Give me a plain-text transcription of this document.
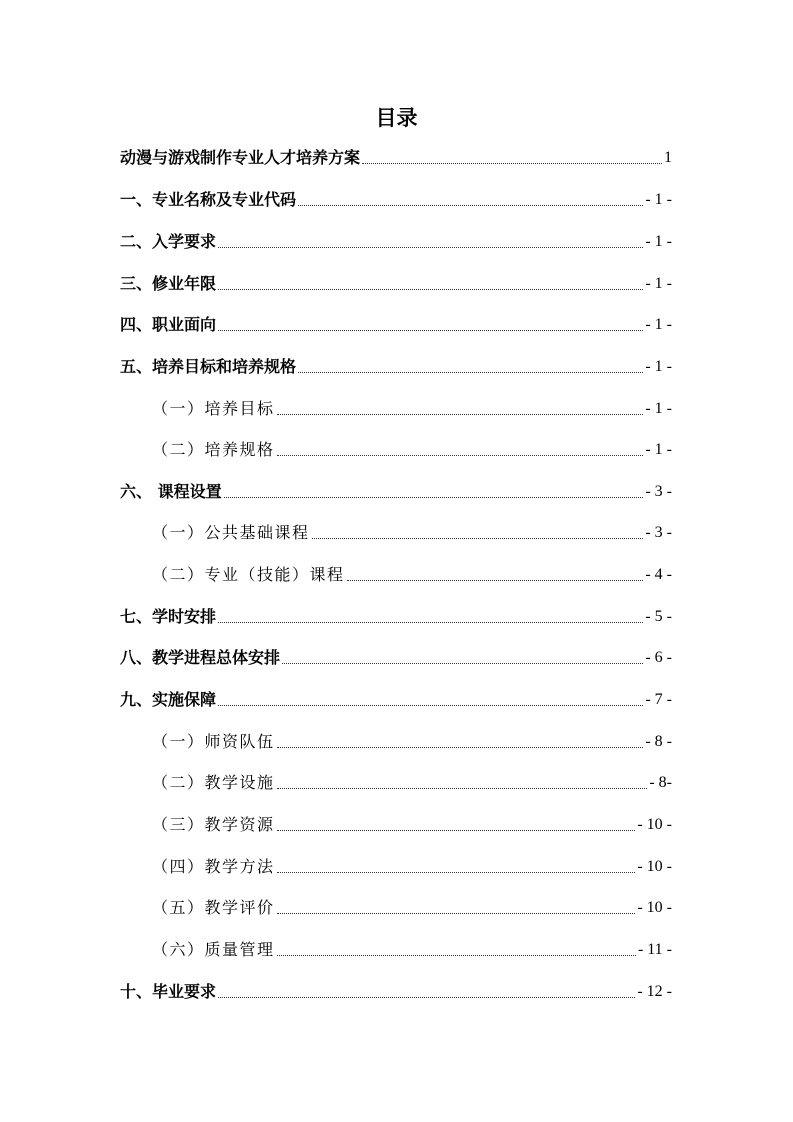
目录
动漫与游戏制作专业人才培养方案	1
一、专业名称及专业代码	- 1 -
二、入学要求	- 1 -
三、修业年限	- 1 -
四、职业面向	- 1 -
五、培养目标和培养规格	- 1 -
（一）培养目标	- 1 -
（二）培养规格	- 1 -
六、 课程设置	- 3 -
（一）公共基础课程	- 3 -
（二）专业（技能）课程	- 4 -
七、学时安排	- 5 -
八、教学进程总体安排	- 6 -
九、实施保障	- 7 -
（一）师资队伍	- 8 -
（二）教学设施	- 8-
（三）教学资源	- 10 -
（四）教学方法	- 10 -
（五）教学评价	- 10 -
（六）质量管理	- 11 -
十、毕业要求	- 12 -
